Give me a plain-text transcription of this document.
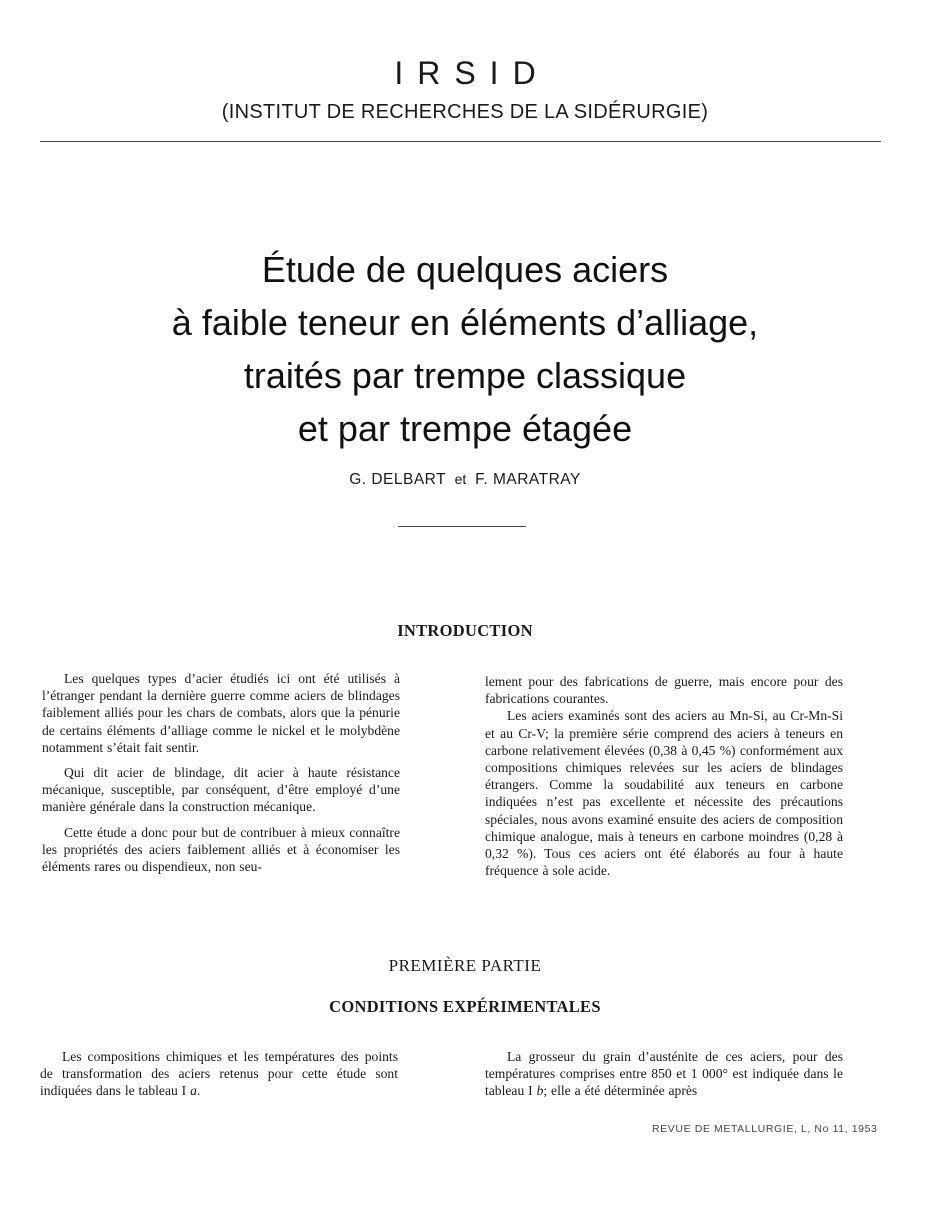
IRSID
(INSTITUT DE RECHERCHES DE LA SIDÉRURGIE)
Étude de quelques aciers
à faible teneur en éléments d’alliage,
traités par trempe classique
et par trempe étagée
G. DELBART et F. MARATRAY
INTRODUCTION

Les quelques types d’acier étudiés ici ont été utilisés à l’étranger pendant la dernière guerre comme aciers de blindages faiblement alliés pour les chars de combats, alors que la pénurie de certains éléments d’alliage comme le nickel et le molybdène notamment s’était fait sentir.

Qui dit acier de blindage, dit acier à haute résistance mécanique, susceptible, par conséquent, d’être employé d’une manière générale dans la construction mécanique.

Cette étude a donc pour but de contribuer à mieux connaître les propriétés des aciers faiblement alliés et à économiser les éléments rares ou dispendieux, non seu-

lement pour des fabrications de guerre, mais encore pour des fabrications courantes.

Les aciers examinés sont des aciers au Mn-Si, au Cr-Mn-Si et au Cr-V; la première série comprend des aciers à teneurs en carbone relativement élevées (0,38 à 0,45 %) conformément aux compositions chimiques relevées sur les aciers de blindages étrangers. Comme la soudabilité aux teneurs en carbone indiquées n’est pas excellente et nécessite des précautions spéciales, nous avons examiné ensuite des aciers de composition chimique analogue, mais à teneurs en carbone moindres (0,28 à 0,32 %). Tous ces aciers ont été élaborés au four à haute fréquence à sole acide.

PREMIÈRE PARTIE
CONDITIONS EXPÉRIMENTALES

Les compositions chimiques et les températures des points de transformation des aciers retenus pour cette étude sont indiquées dans le tableau I a.

La grosseur du grain d’austénite de ces aciers, pour des températures comprises entre 850 et 1 000° est indiquée dans le tableau I b; elle a été déterminée après

REVUE DE METALLURGIE, L, No 11, 1953
